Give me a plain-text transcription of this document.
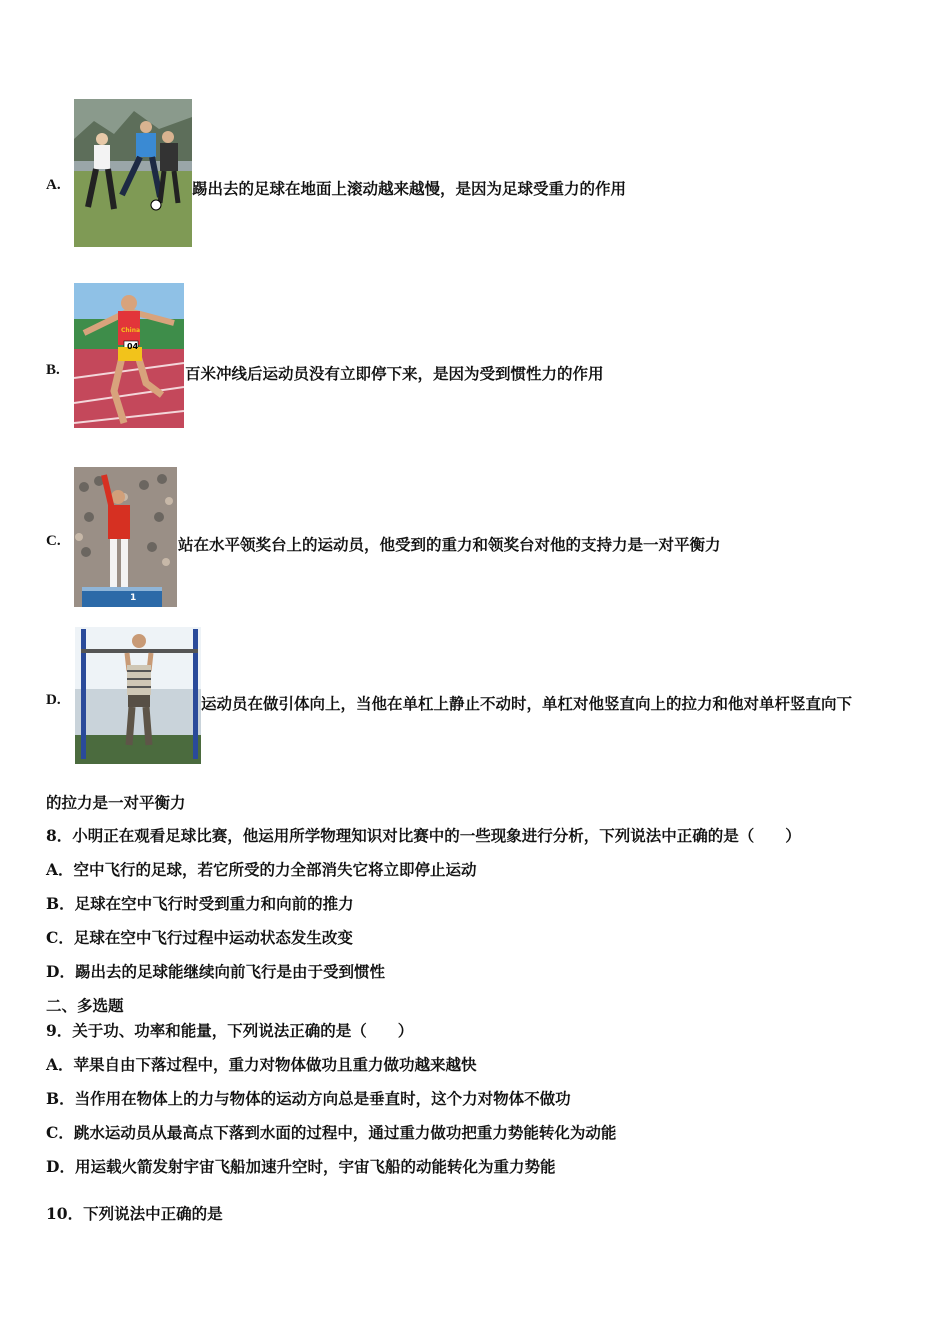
A.	踢出去的足球在地面上滚动越来越慢，是因为足球受重力的作用
B.
China
04
百米冲线后运动员没有立即停下来，是因为受到惯性力的作用
C.
1
站在水平领奖台上的运动员，他受到的重力和领奖台对他的支持力是一对平衡力
D.	运动员在做引体向上，当他在单杠上静止不动时，单杠对他竖直向上的拉力和他对单杆竖直向下
的拉力是一对平衡力
8．小明正在观看足球比赛，他运用所学物理知识对比赛中的一些现象进行分析，下列说法中正确的是（　　）
A．空中飞行的足球，若它所受的力全部消失它将立即停止运动
B．足球在空中飞行时受到重力和向前的推力
C．足球在空中飞行过程中运动状态发生改变
D．踢出去的足球能继续向前飞行是由于受到惯性
二、多选题
9．关于功、功率和能量，下列说法正确的是（　　）
A．苹果自由下落过程中，重力对物体做功且重力做功越来越快
B．当作用在物体上的力与物体的运动方向总是垂直时，这个力对物体不做功
C．跳水运动员从最高点下落到水面的过程中，通过重力做功把重力势能转化为动能
D．用运载火箭发射宇宙飞船加速升空时，宇宙飞船的动能转化为重力势能
10．下列说法中正确的是
